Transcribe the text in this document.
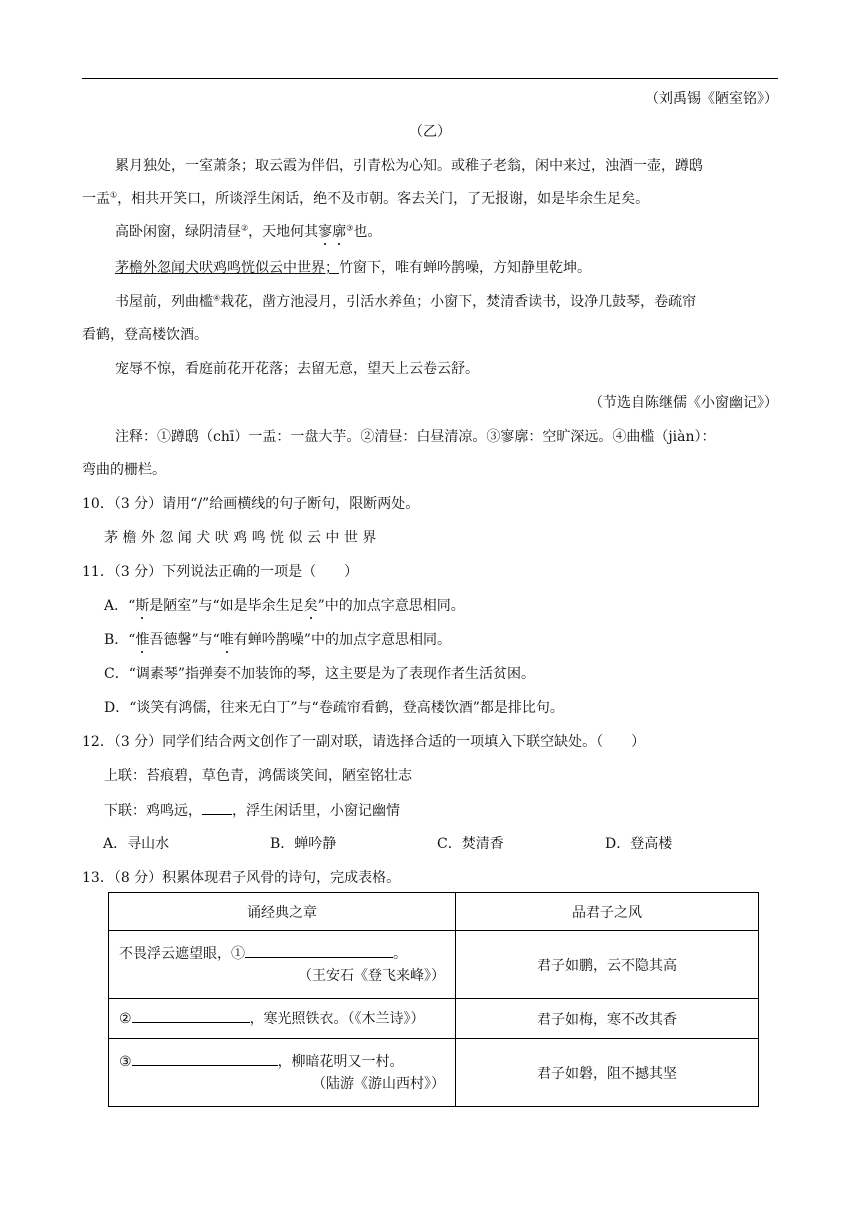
（刘禹锡《陋室铭》）
（乙）
累月独处，一室萧条；取云霞为伴侣，引青松为心知。或稚子老翁，闲中来过，浊酒一壶，蹲鸱
一盂①，相共开笑口，所谈浮生闲话，绝不及市朝。客去关门，了无报谢，如是毕余生足矣。
高卧闲窗，绿阴清昼②，天地何其寥廓③也。
茅檐外忽闻犬吠鸡鸣恍似云中世界；竹窗下，唯有蝉吟鹊噪，方知静里乾坤。
书屋前，列曲槛④栽花，凿方池浸月，引活水养鱼；小窗下，焚清香读书，设净几鼓琴，卷疏帘
看鹤，登高楼饮酒。
宠辱不惊，看庭前花开花落；去留无意，望天上云卷云舒。
（节选自陈继儒《小窗幽记》）
注释：①蹲鸱（chī）一盂：一盘大芋。②清昼：白昼清凉。③寥廓：空旷深远。④曲槛（jiàn）：
弯曲的栅栏。
10．（3 分）请用“/”给画横线的句子断句，限断两处。
茅 檐 外 忽 闻 犬 吠 鸡 鸣 恍 似 云 中 世 界
11．（3 分）下列说法正确的一项是（　　）
A．“斯是陋室”与“如是毕余生足矣”中的加点字意思相同。
B．“惟吾德馨”与“唯有蝉吟鹊噪”中的加点字意思相同。
C．“调素琴”指弹奏不加装饰的琴，这主要是为了表现作者生活贫困。
D．“谈笑有鸿儒，往来无白丁”与“卷疏帘看鹤，登高楼饮酒”都是排比句。
12．（3 分）同学们结合两文创作了一副对联，请选择合适的一项填入下联空缺处。（　　）
上联：苔痕碧，草色青，鸿儒谈笑间，陋室铭壮志
下联：鸡鸣远， ，浮生闲话里，小窗记幽情
A．寻山水	B．蝉吟静	C．焚清香	D．登高楼
13．（8 分）积累体现君子风骨的诗句，完成表格。
诵经典之章	品君子之风

不畏浮云遮望眼，① 。
（王安石《登飞来峰》）	君子如鹏，云不隐其高

② ，寒光照铁衣。（《木兰诗》）	君子如梅，寒不改其香

③ ，柳暗花明又一村。
（陆游《游山西村》）	君子如磐，阻不撼其坚
